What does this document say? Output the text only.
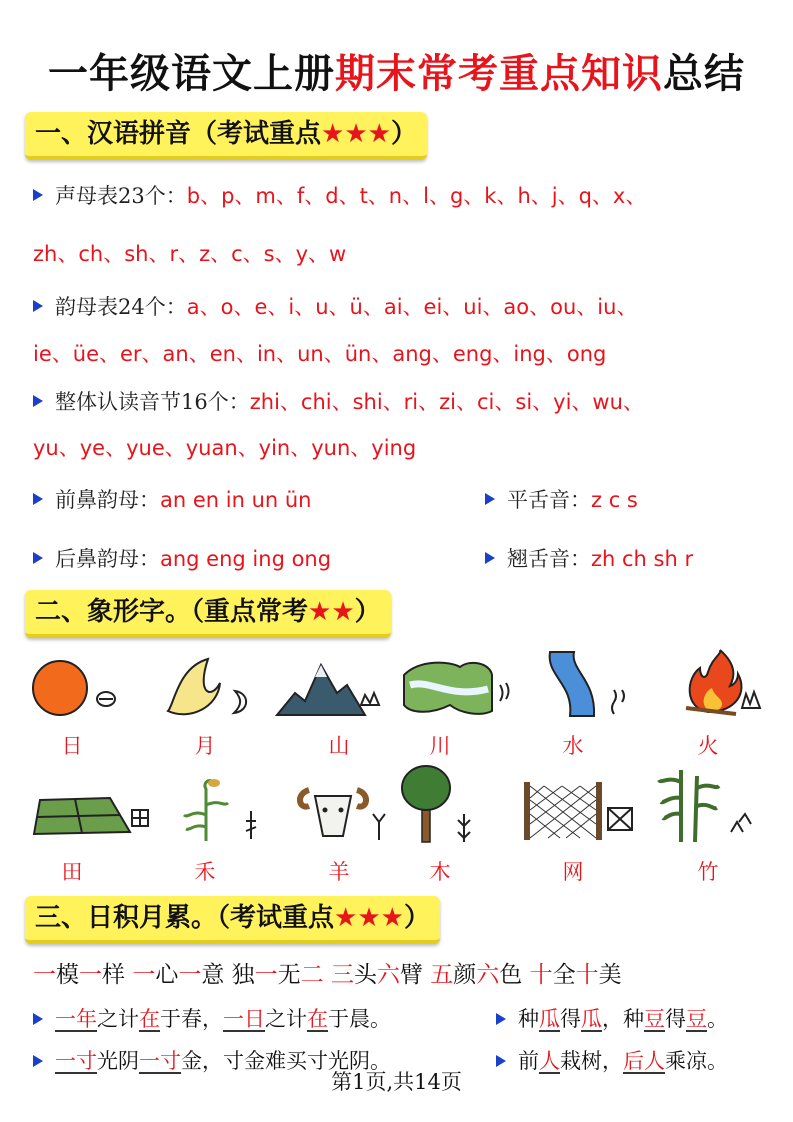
一年级语文上册期末常考重点知识总结
一、汉语拼音（考试重点★★★）
声母表23个：b、p、m、f、d、t、n、l、g、k、h、j、q、x、
zh、ch、sh、r、z、c、s、y、w
韵母表24个：a、o、e、i、u、ü、ai、ei、ui、ao、ou、iu、
ie、üe、er、an、en、in、un、ün、ang、eng、ing、ong
整体认读音节16个：zhi、chi、shi、ri、zi、ci、si、yi、wu、
yu、ye、yue、yuan、yin、yun、ying
前鼻韵母：an en in un ün	平舌音：z c s
后鼻韵母：ang eng ing ong	翘舌音：zh ch sh r
二、象形字。（重点常考★★）
日	月	山	川	水	火
田	禾	羊	木	网	竹
三、日积月累。（考试重点★★★）
一模一样 一心一意 独一无二 三头六臂 五颜六色 十全十美
一年之计在于春，一日之计在于晨。	种瓜得瓜，种豆得豆。
一寸光阴一寸金，寸金难买寸光阴。	前人栽树，后人乘凉。
第1页,共14页
